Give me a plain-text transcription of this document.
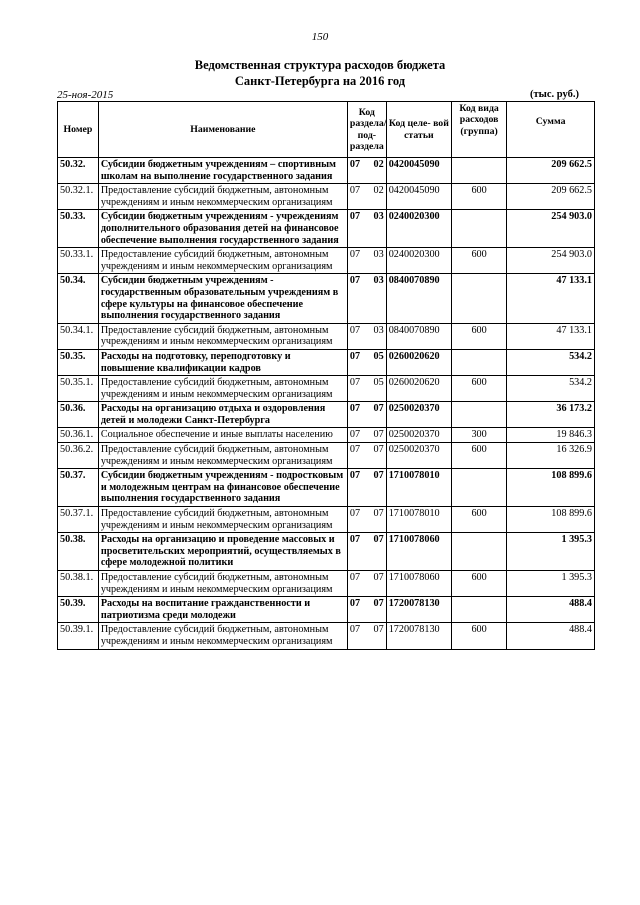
150
Ведомственная структура расходов бюджета
Санкт-Петербурга на 2016 год
25-ноя-2015	(тыс. руб.)
Номер	Наименование	Код раздела/ под- раздела	Код целе- вой статьи	Код вида расходов (группа)	Сумма
50.32.	Субсидии бюджетным учреждениям – спортивным школам на выполнение государственного задания	07 02	0420045090		209 662.5
50.32.1.	Предоставление субсидий бюджетным, автономным учреждениям и иным некоммерческим организациям	07 02	0420045090	600	209 662.5
50.33.	Субсидии бюджетным учреждениям - учреждениям дополнительного образования детей на финансовое обеспечение выполнения государственного задания	07 03	0240020300		254 903.0
50.33.1.	Предоставление субсидий бюджетным, автономным учреждениям и иным некоммерческим организациям	07 03	0240020300	600	254 903.0
50.34.	Субсидии бюджетным учреждениям - государственным образовательным учреждениям в сфере культуры на финансовое обеспечение выполнения государственного задания	07 03	0840070890		47 133.1
50.34.1.	Предоставление субсидий бюджетным, автономным учреждениям и иным некоммерческим организациям	07 03	0840070890	600	47 133.1
50.35.	Расходы на подготовку, переподготовку и повышение квалификации кадров	07 05	0260020620		534.2
50.35.1.	Предоставление субсидий бюджетным, автономным учреждениям и иным некоммерческим организациям	07 05	0260020620	600	534.2
50.36.	Расходы на организацию отдыха и оздоровления детей и молодежи Санкт-Петербурга	07 07	0250020370		36 173.2
50.36.1.	Социальное обеспечение и иные выплаты населению	07 07	0250020370	300	19 846.3
50.36.2.	Предоставление субсидий бюджетным, автономным учреждениям и иным некоммерческим организациям	07 07	0250020370	600	16 326.9
50.37.	Субсидии бюджетным учреждениям - подростковым и молодежным центрам на финансовое обеспечение выполнения государственного задания	07 07	1710078010		108 899.6
50.37.1.	Предоставление субсидий бюджетным, автономным учреждениям и иным некоммерческим организациям	07 07	1710078010	600	108 899.6
50.38.	Расходы на организацию и проведение массовых и просветительских мероприятий, осуществляемых в сфере молодежной политики	07 07	1710078060		1 395.3
50.38.1.	Предоставление субсидий бюджетным, автономным учреждениям и иным некоммерческим организациям	07 07	1710078060	600	1 395.3
50.39.	Расходы на воспитание гражданственности и патриотизма среди молодежи	07 07	1720078130		488.4
50.39.1.	Предоставление субсидий бюджетным, автономным учреждениям и иным некоммерческим организациям	07 07	1720078130	600	488.4
